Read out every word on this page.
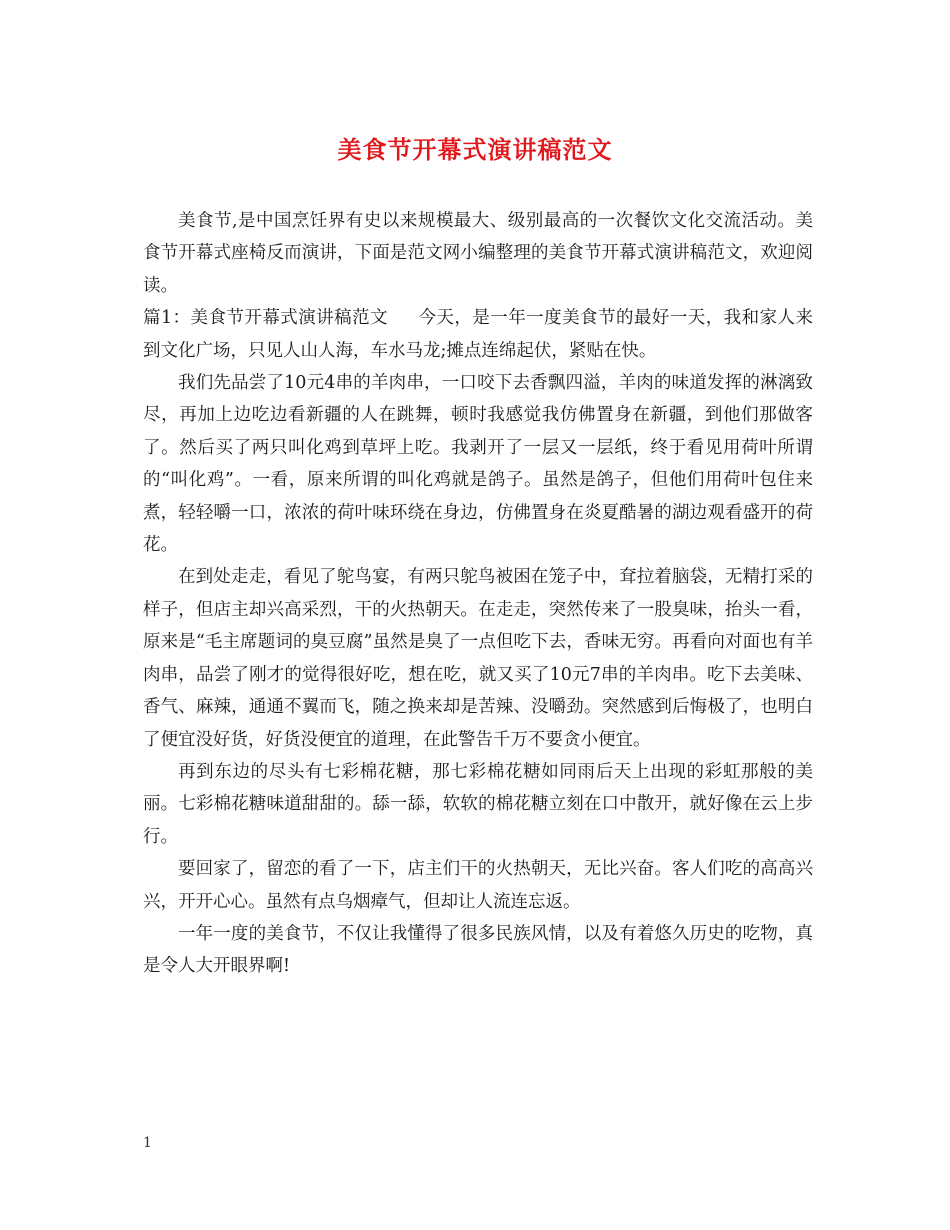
美食节开幕式演讲稿范文

美食节,是中国烹饪界有史以来规模最大、级别最高的一次餐饮文化交流活动。美食节开幕式座椅反而演讲，下面是范文网小编整理的美食节开幕式演讲稿范文，欢迎阅读。

篇1：美食节开幕式演讲稿范文 今天，是一年一度美食节的最好一天，我和家人来到文化广场，只见人山人海，车水马龙;摊点连绵起伏，紧贴在快。

我们先品尝了10元4串的羊肉串，一口咬下去香飘四溢，羊肉的味道发挥的淋漓致尽，再加上边吃边看新疆的人在跳舞，顿时我感觉我仿佛置身在新疆，到他们那做客了。然后买了两只叫化鸡到草坪上吃。我剥开了一层又一层纸，终于看见用荷叶所谓的“叫化鸡”。一看，原来所谓的叫化鸡就是鸽子。虽然是鸽子，但他们用荷叶包住来煮，轻轻嚼一口，浓浓的荷叶味环绕在身边，仿佛置身在炎夏酷暑的湖边观看盛开的荷花。

在到处走走，看见了鸵鸟宴，有两只鸵鸟被困在笼子中，耷拉着脑袋，无精打采的样子，但店主却兴高采烈，干的火热朝天。在走走，突然传来了一股臭味，抬头一看，原来是“毛主席题词的臭豆腐”虽然是臭了一点但吃下去，香味无穷。再看向对面也有羊肉串，品尝了刚才的觉得很好吃，想在吃，就又买了10元7串的羊肉串。吃下去美味、香气、麻辣，通通不翼而飞，随之换来却是苦辣、没嚼劲。突然感到后悔极了，也明白了便宜没好货，好货没便宜的道理，在此警告千万不要贪小便宜。

再到东边的尽头有七彩棉花糖，那七彩棉花糖如同雨后天上出现的彩虹那般的美丽。七彩棉花糖味道甜甜的。舔一舔，软软的棉花糖立刻在口中散开，就好像在云上步行。

要回家了，留恋的看了一下，店主们干的火热朝天，无比兴奋。客人们吃的高高兴兴，开开心心。虽然有点乌烟瘴气，但却让人流连忘返。

一年一度的美食节，不仅让我懂得了很多民族风情，以及有着悠久历史的吃物，真是令人大开眼界啊!

1
